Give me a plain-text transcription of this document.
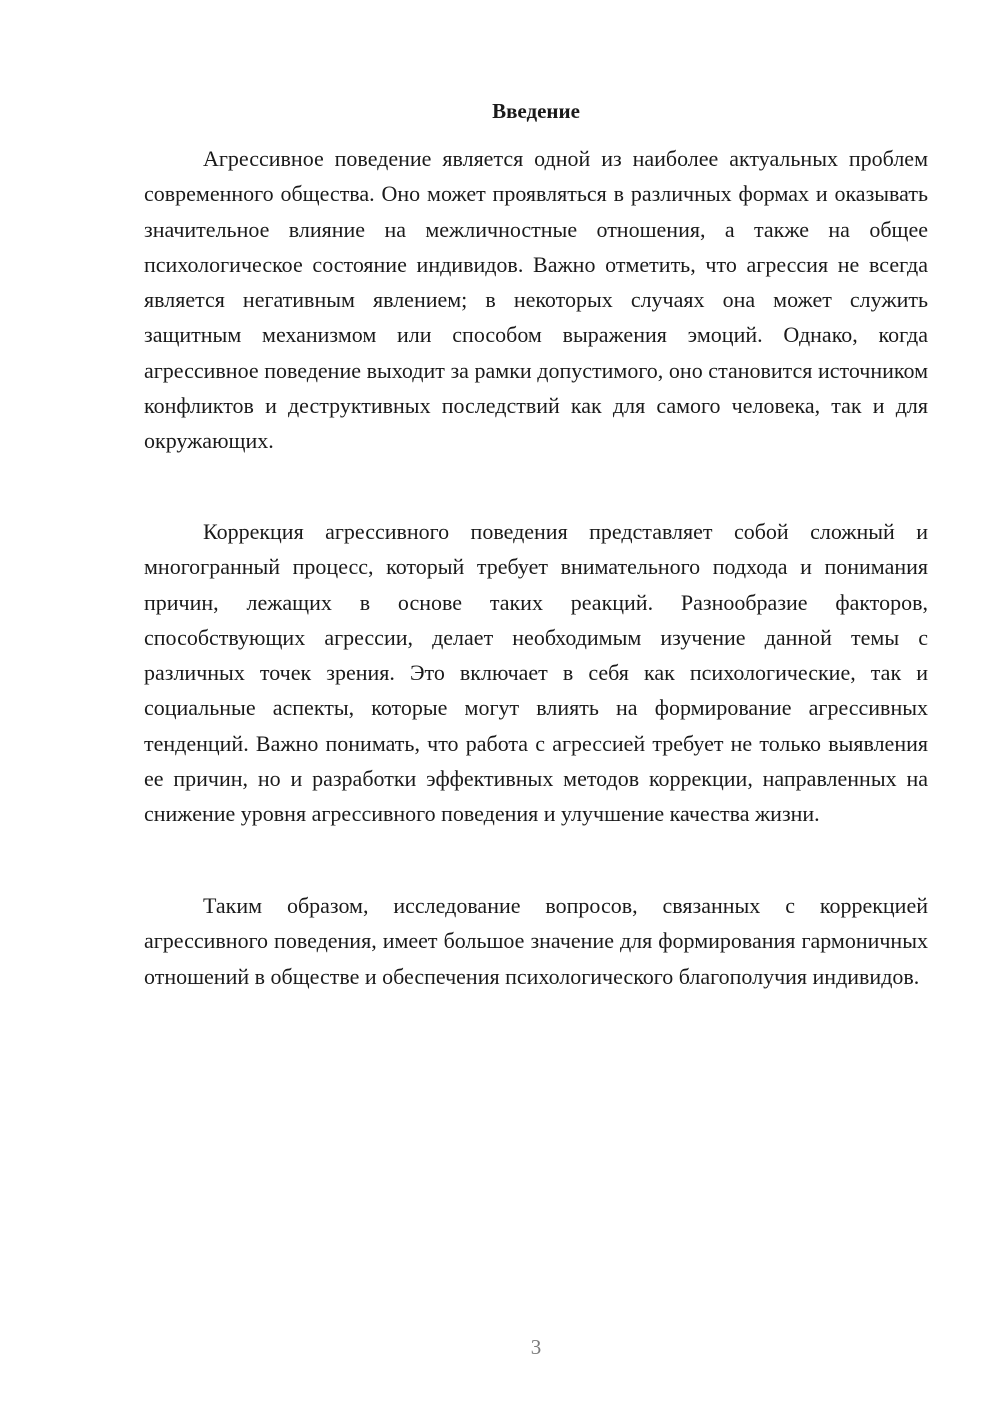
Введение

Агрессивное поведение является одной из наиболее актуальных проблем современного общества. Оно может проявляться в различных формах и оказывать значительное влияние на межличностные отношения, а также на общее психологическое состояние индивидов. Важно отметить, что агрессия не всегда является негативным явлением; в некоторых случаях она может служить защитным механизмом или способом выражения эмоций. Однако, когда агрессивное поведение выходит за рамки допустимого, оно становится источником конфликтов и деструктивных последствий как для самого человека, так и для окружающих.

Коррекция агрессивного поведения представляет собой сложный и многогранный процесс, который требует внимательного подхода и понимания причин, лежащих в основе таких реакций. Разнообразие факторов, способствующих агрессии, делает необходимым изучение данной темы с различных точек зрения. Это включает в себя как психологические, так и социальные аспекты, которые могут влиять на формирование агрессивных тенденций. Важно понимать, что работа с агрессией требует не только выявления ее причин, но и разработки эффективных методов коррекции, направленных на снижение уровня агрессивного поведения и улучшение качества жизни.

Таким образом, исследование вопросов, связанных с коррекцией агрессивного поведения, имеет большое значение для формирования гармоничных отношений в обществе и обеспечения психологического благополучия индивидов.

3
